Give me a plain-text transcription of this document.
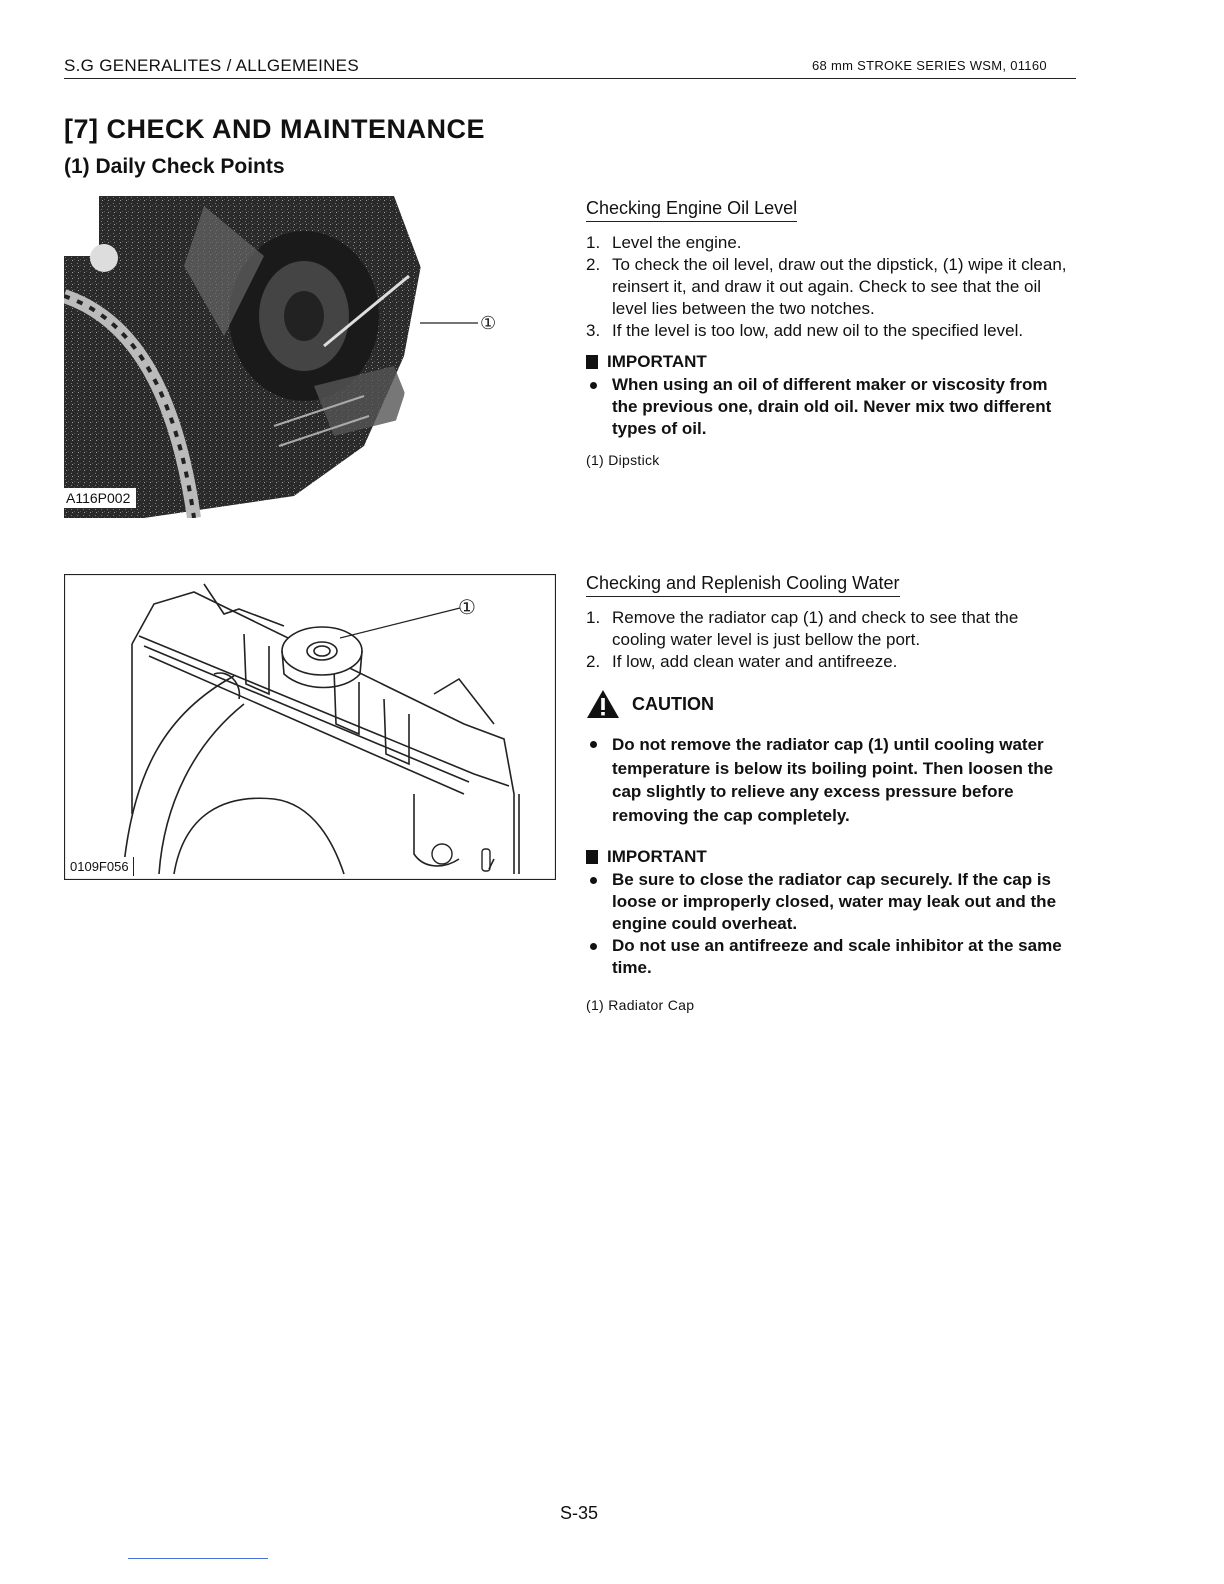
S.G GENERALITES / ALLGEMEINES	68 mm STROKE SERIES WSM, 01160
[7] CHECK AND MAINTENANCE
(1) Daily Check Points
A116P002
①
①
0109F056
Checking Engine Oil Level
1. Level the engine.
2. To check the oil level, draw out the dipstick, (1) wipe it clean, reinsert it, and draw it out again. Check to see that the oil level lies between the two notches.
3. If the level is too low, add new oil to the specified level.
IMPORTANT
When using an oil of different maker or viscosity from the previous one, drain old oil. Never mix two different types of oil.
(1) Dipstick
Checking and Replenish Cooling Water
1. Remove the radiator cap (1) and check to see that the cooling water level is just bellow the port.
2. If low, add clean water and antifreeze.
CAUTION
Do not remove the radiator cap (1) until cooling water temperature is below its boiling point. Then loosen the cap slightly to relieve any excess pressure before removing the cap completely.
IMPORTANT
Be sure to close the radiator cap securely. If the cap is loose or improperly closed, water may leak out and the engine could overheat.
Do not use an antifreeze and scale inhibitor at the same time.
(1) Radiator Cap
S-35
